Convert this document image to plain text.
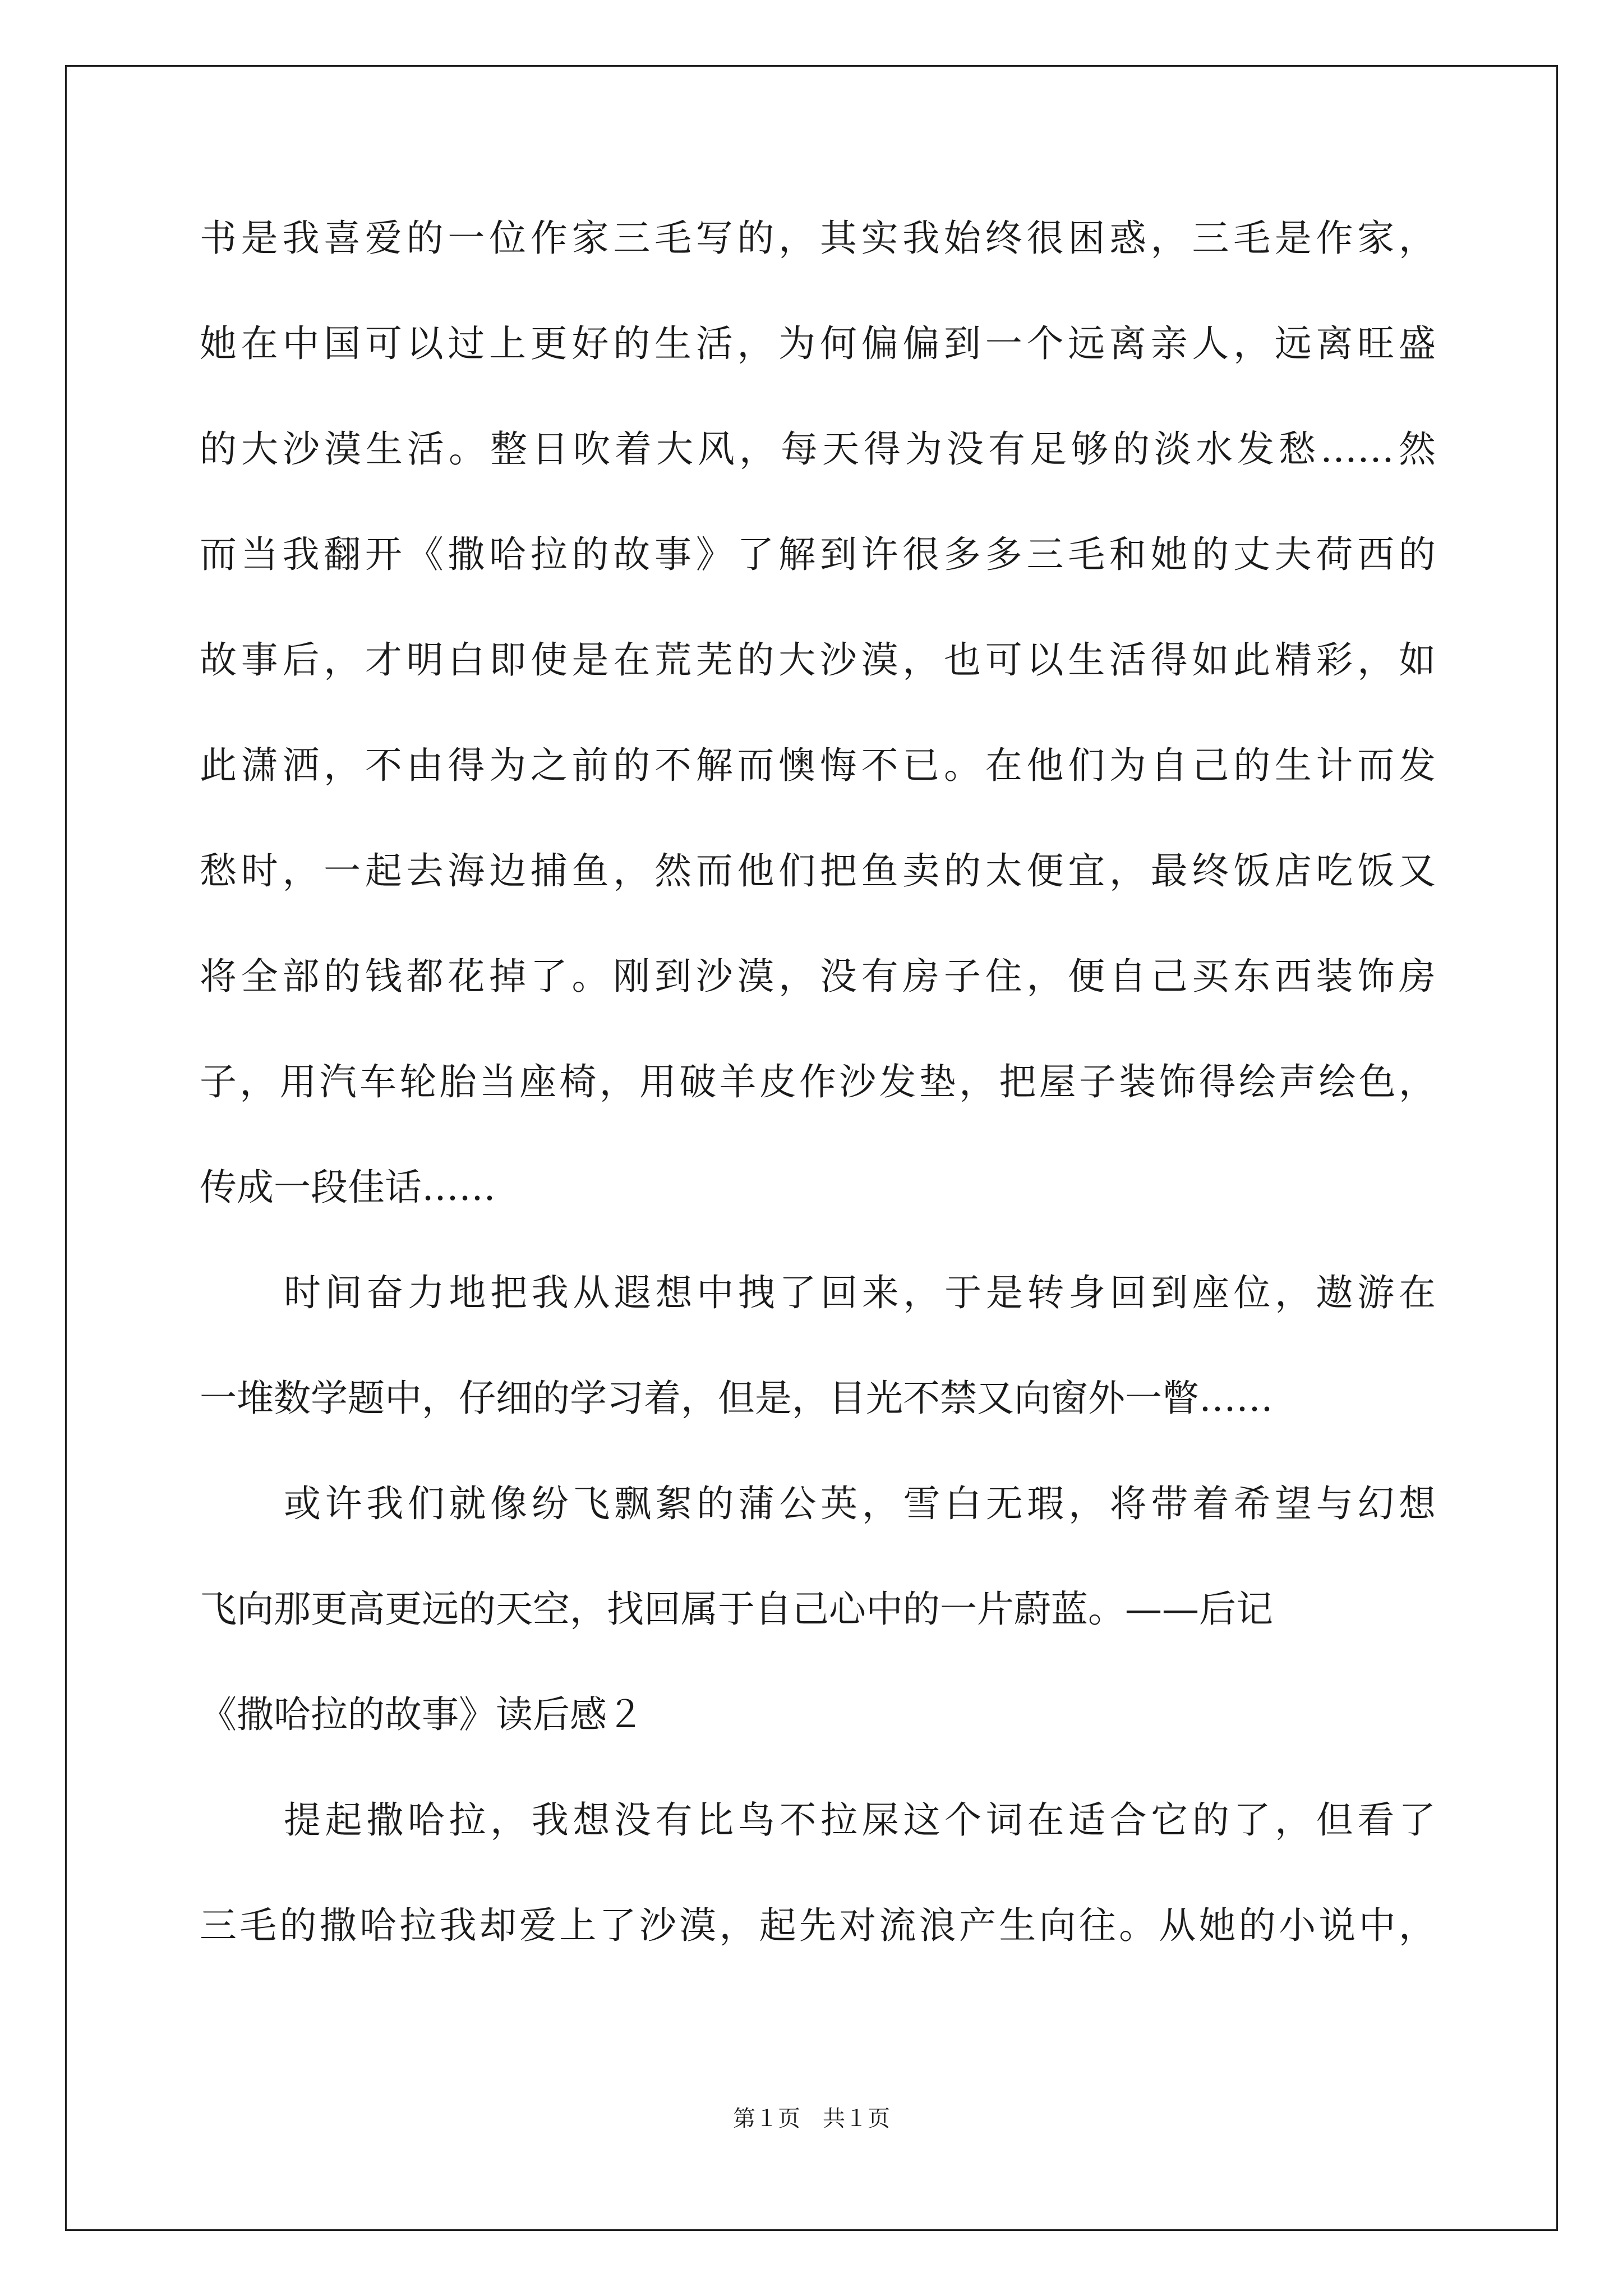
书是我喜爱的一位作家三毛写的，其实我始终很困惑，三毛是作家，
她在中国可以过上更好的生活，为何偏偏到一个远离亲人，远离旺盛
的大沙漠生活。整日吹着大风，每天得为没有足够的淡水发愁……然
而当我翻开《撒哈拉的故事》了解到许很多多三毛和她的丈夫荷西的
故事后，才明白即使是在荒芜的大沙漠，也可以生活得如此精彩，如
此潇洒，不由得为之前的不解而懊悔不已。在他们为自己的生计而发
愁时，一起去海边捕鱼，然而他们把鱼卖的太便宜，最终饭店吃饭又
将全部的钱都花掉了。刚到沙漠，没有房子住，便自己买东西装饰房
子，用汽车轮胎当座椅，用破羊皮作沙发垫，把屋子装饰得绘声绘色，
传成一段佳话……
时间奋力地把我从遐想中拽了回来，于是转身回到座位，遨游在
一堆数学题中，仔细的学习着，但是，目光不禁又向窗外一瞥……
或许我们就像纷飞飘絮的蒲公英，雪白无瑕，将带着希望与幻想
飞向那更高更远的天空，找回属于自己心中的一片蔚蓝。——后记
《撒哈拉的故事》读后感２
提起撒哈拉，我想没有比鸟不拉屎这个词在适合它的了，但看了
三毛的撒哈拉我却爱上了沙漠，起先对流浪产生向往。从她的小说中，
第１页　共１页
